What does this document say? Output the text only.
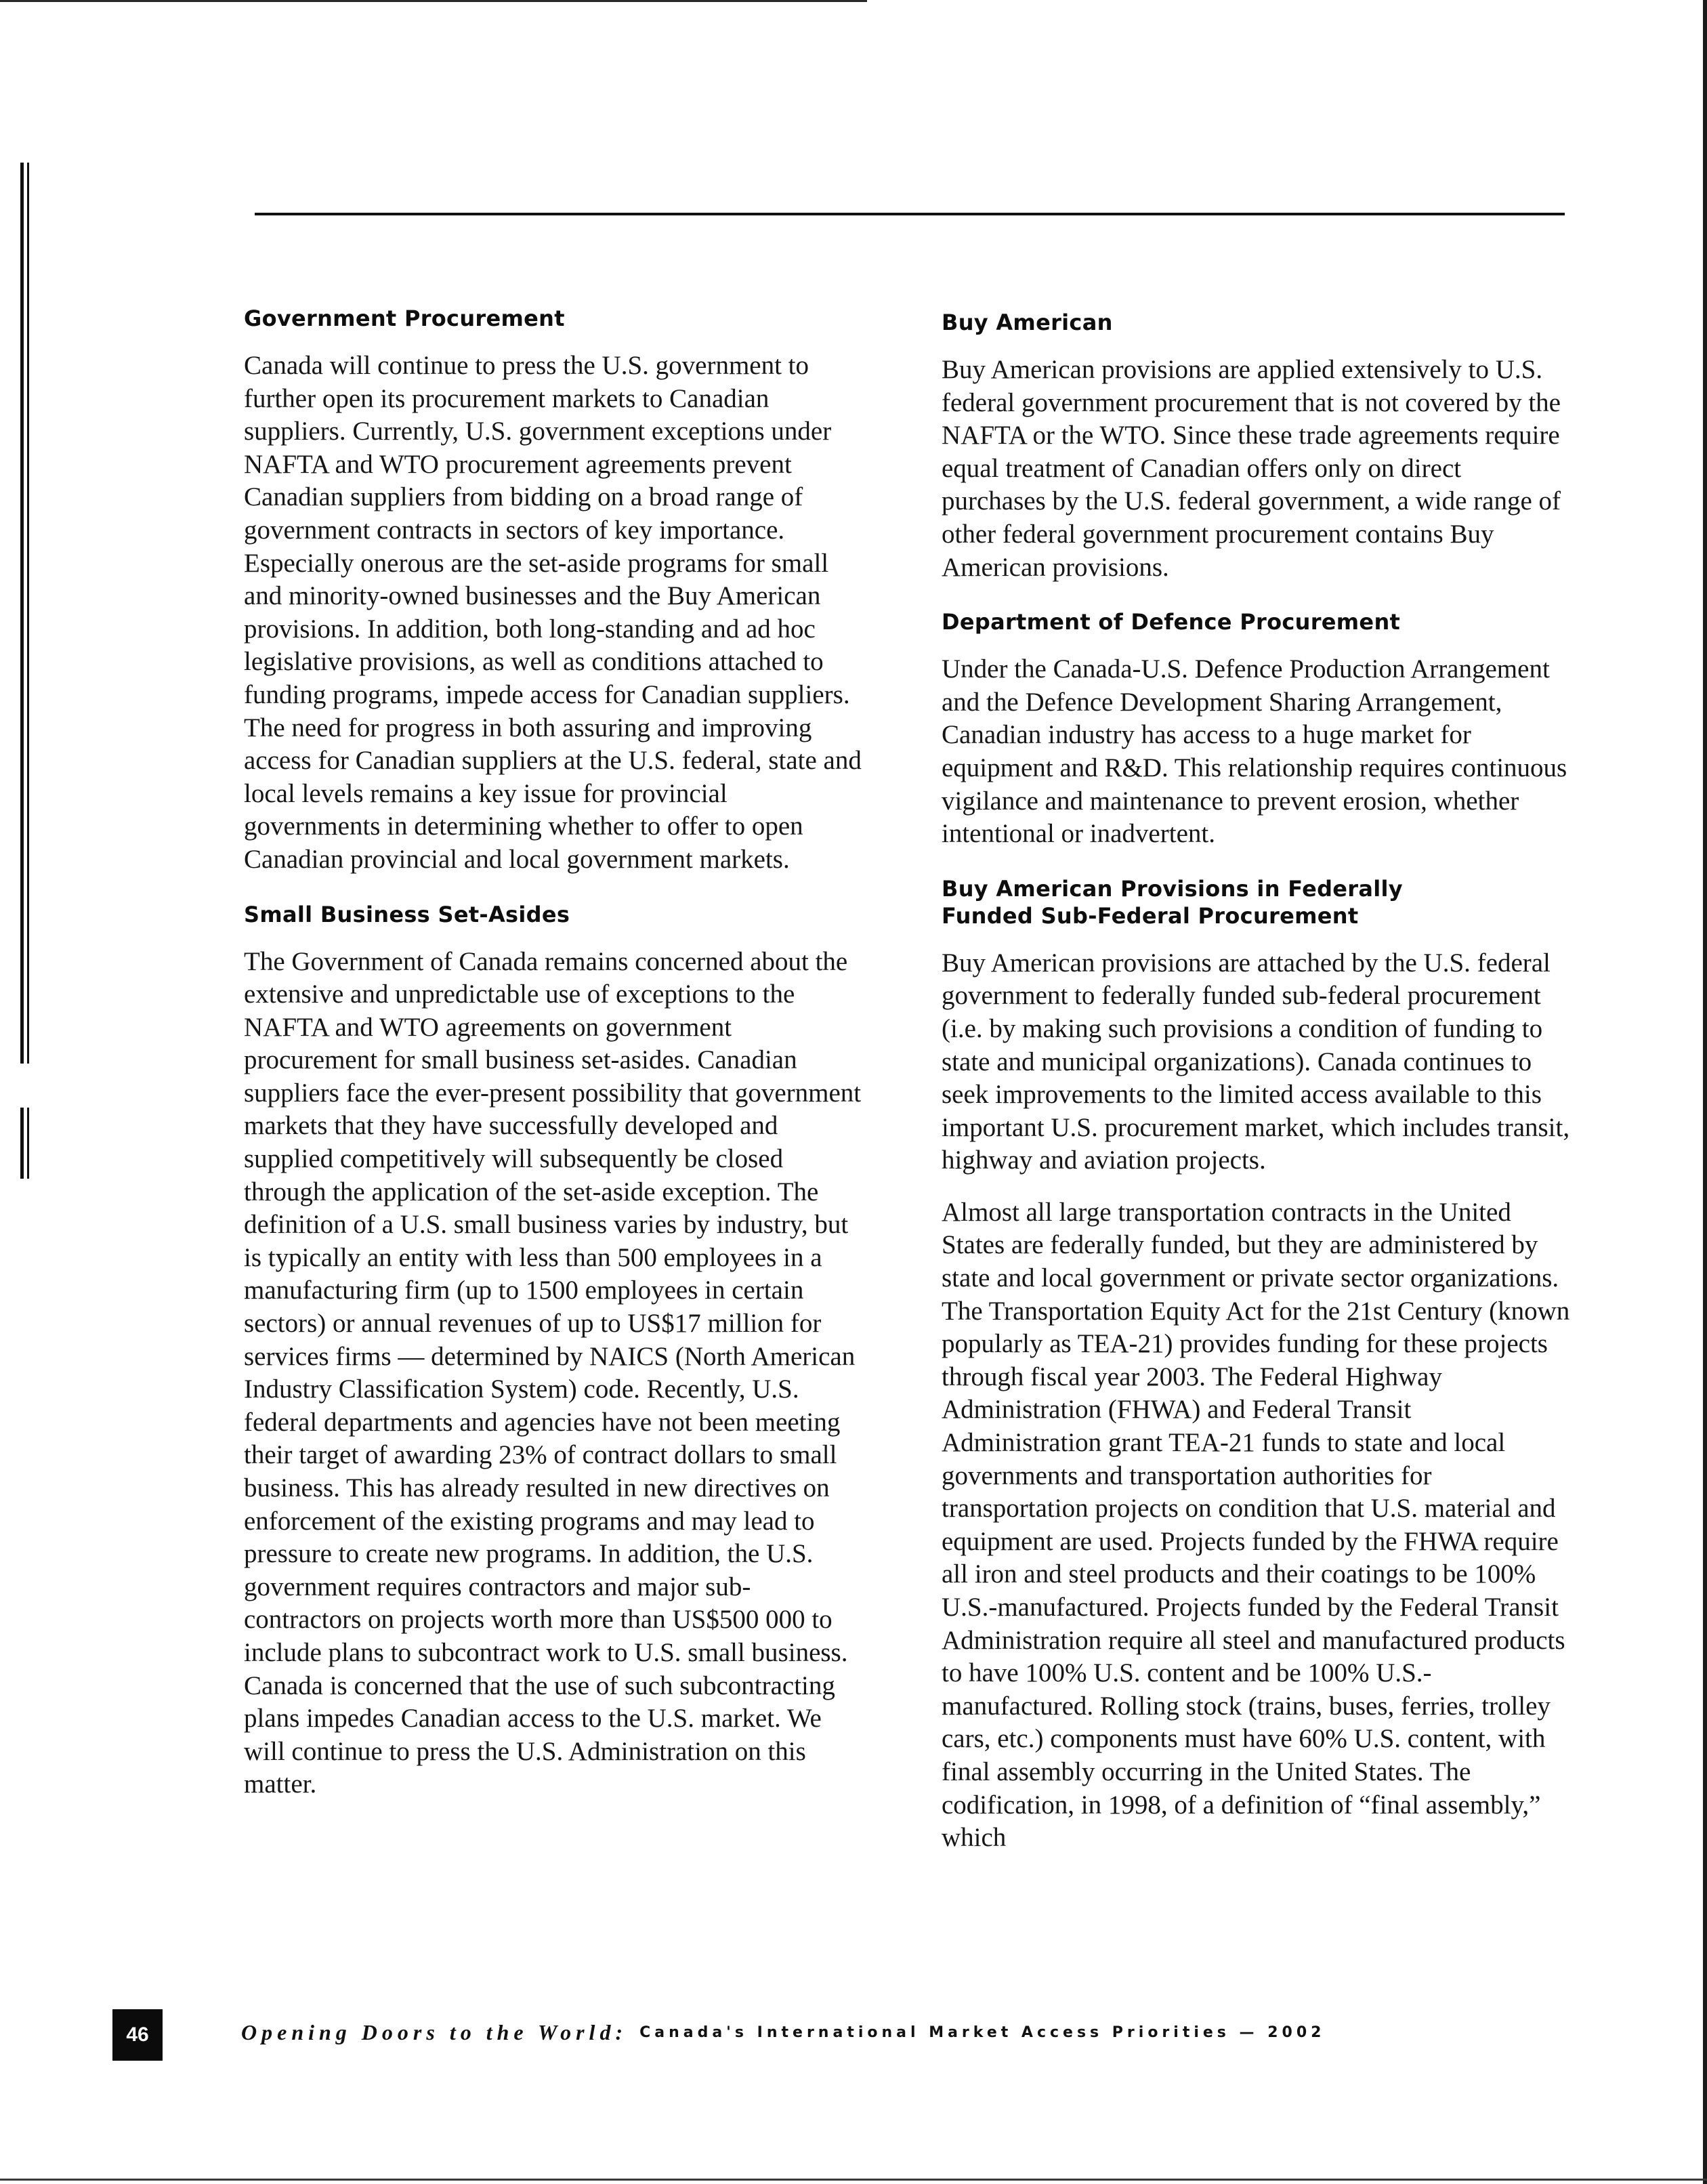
Government Procurement

Canada will continue to press the U.S. government to further open its procurement markets to Canadian suppliers. Currently, U.S. government exceptions under NAFTA and WTO procurement agreements prevent Canadian suppliers from bidding on a broad range of government contracts in sectors of key importance. Especially onerous are the set-aside programs for small and minority-owned businesses and the Buy American provisions. In addition, both long-standing and ad hoc legislative provisions, as well as conditions attached to funding programs, impede access for Canadian suppliers. The need for progress in both assuring and improving access for Canadian suppliers at the U.S. federal, state and local levels remains a key issue for provincial governments in determining whether to offer to open Canadian provincial and local government markets.

Small Business Set-Asides

The Government of Canada remains concerned about the extensive and unpredictable use of exceptions to the NAFTA and WTO agreements on government procurement for small business set-asides. Canadian suppliers face the ever-present possibility that government markets that they have successfully developed and supplied competitively will subsequently be closed through the application of the set-aside exception. The definition of a U.S. small business varies by industry, but is typically an entity with less than 500 employees in a manufacturing firm (up to 1500 employees in certain sectors) or annual revenues of up to US$17 million for services firms — determined by NAICS (North American Industry Classification System) code. Recently, U.S. federal departments and agencies have not been meeting their target of awarding 23% of contract dollars to small business. This has already resulted in new directives on enforcement of the existing programs and may lead to pressure to create new programs. In addition, the U.S. government requires contractors and major sub-contractors on projects worth more than US$500 000 to include plans to subcontract work to U.S. small business. Canada is concerned that the use of such subcontracting plans impedes Canadian access to the U.S. market. We will continue to press the U.S. Administration on this matter.

Buy American

Buy American provisions are applied extensively to U.S. federal government procurement that is not covered by the NAFTA or the WTO. Since these trade agreements require equal treatment of Canadian offers only on direct purchases by the U.S. federal government, a wide range of other federal government procurement contains Buy American provisions.

Department of Defence Procurement

Under the Canada-U.S. Defence Production Arrangement and the Defence Development Sharing Arrangement, Canadian industry has access to a huge market for equipment and R&D. This relationship requires continuous vigilance and maintenance to prevent erosion, whether intentional or inadvertent.

Buy American Provisions in Federally
Funded Sub-Federal Procurement

Buy American provisions are attached by the U.S. federal government to federally funded sub-federal procurement (i.e. by making such provisions a condition of funding to state and municipal organizations). Canada continues to seek improvements to the limited access available to this important U.S. procurement market, which includes transit, highway and aviation projects.

Almost all large transportation contracts in the United States are federally funded, but they are administered by state and local government or private sector organizations. The Transportation Equity Act for the 21st Century (known popularly as TEA-21) provides funding for these projects through fiscal year 2003. The Federal Highway Administration (FHWA) and Federal Transit Administration grant TEA-21 funds to state and local governments and transportation authorities for transportation projects on condition that U.S. material and equipment are used. Projects funded by the FHWA require all iron and steel products and their coatings to be 100% U.S.-manufactured. Projects funded by the Federal Transit Administration require all steel and manufactured products to have 100% U.S. content and be 100% U.S.-manufactured. Rolling stock (trains, buses, ferries, trolley cars, etc.) components must have 60% U.S. content, with final assembly occurring in the United States. The codification, in 1998, of a definition of “final assembly,” which

46	Opening Doors to the World: Canada's International Market Access Priorities — 2002
